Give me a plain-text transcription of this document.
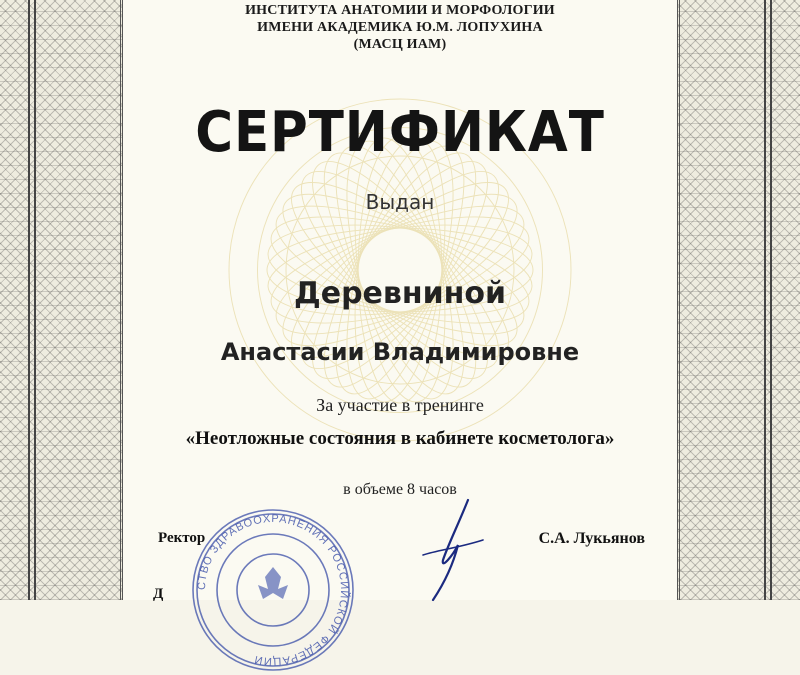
ИНСТИТУТА АНАТОМИИ И МОРФОЛОГИИ
ИМЕНИ АКАДЕМИКА Ю.М. ЛОПУХИНА
(МАСЦ ИАМ)
СЕРТИФИКАТ
Выдан
Деревниной
Анастасии Владимировне
За участие в тренинге
«Неотложные состояния в кабинете косметолога»
в объеме 8 часов
СТВО ЗДРАВООХРАНЕНИЯ РОССИЙСКОЙ ФЕДЕРАЦИИ
Ректор	С.А. Лукьянов
Д
